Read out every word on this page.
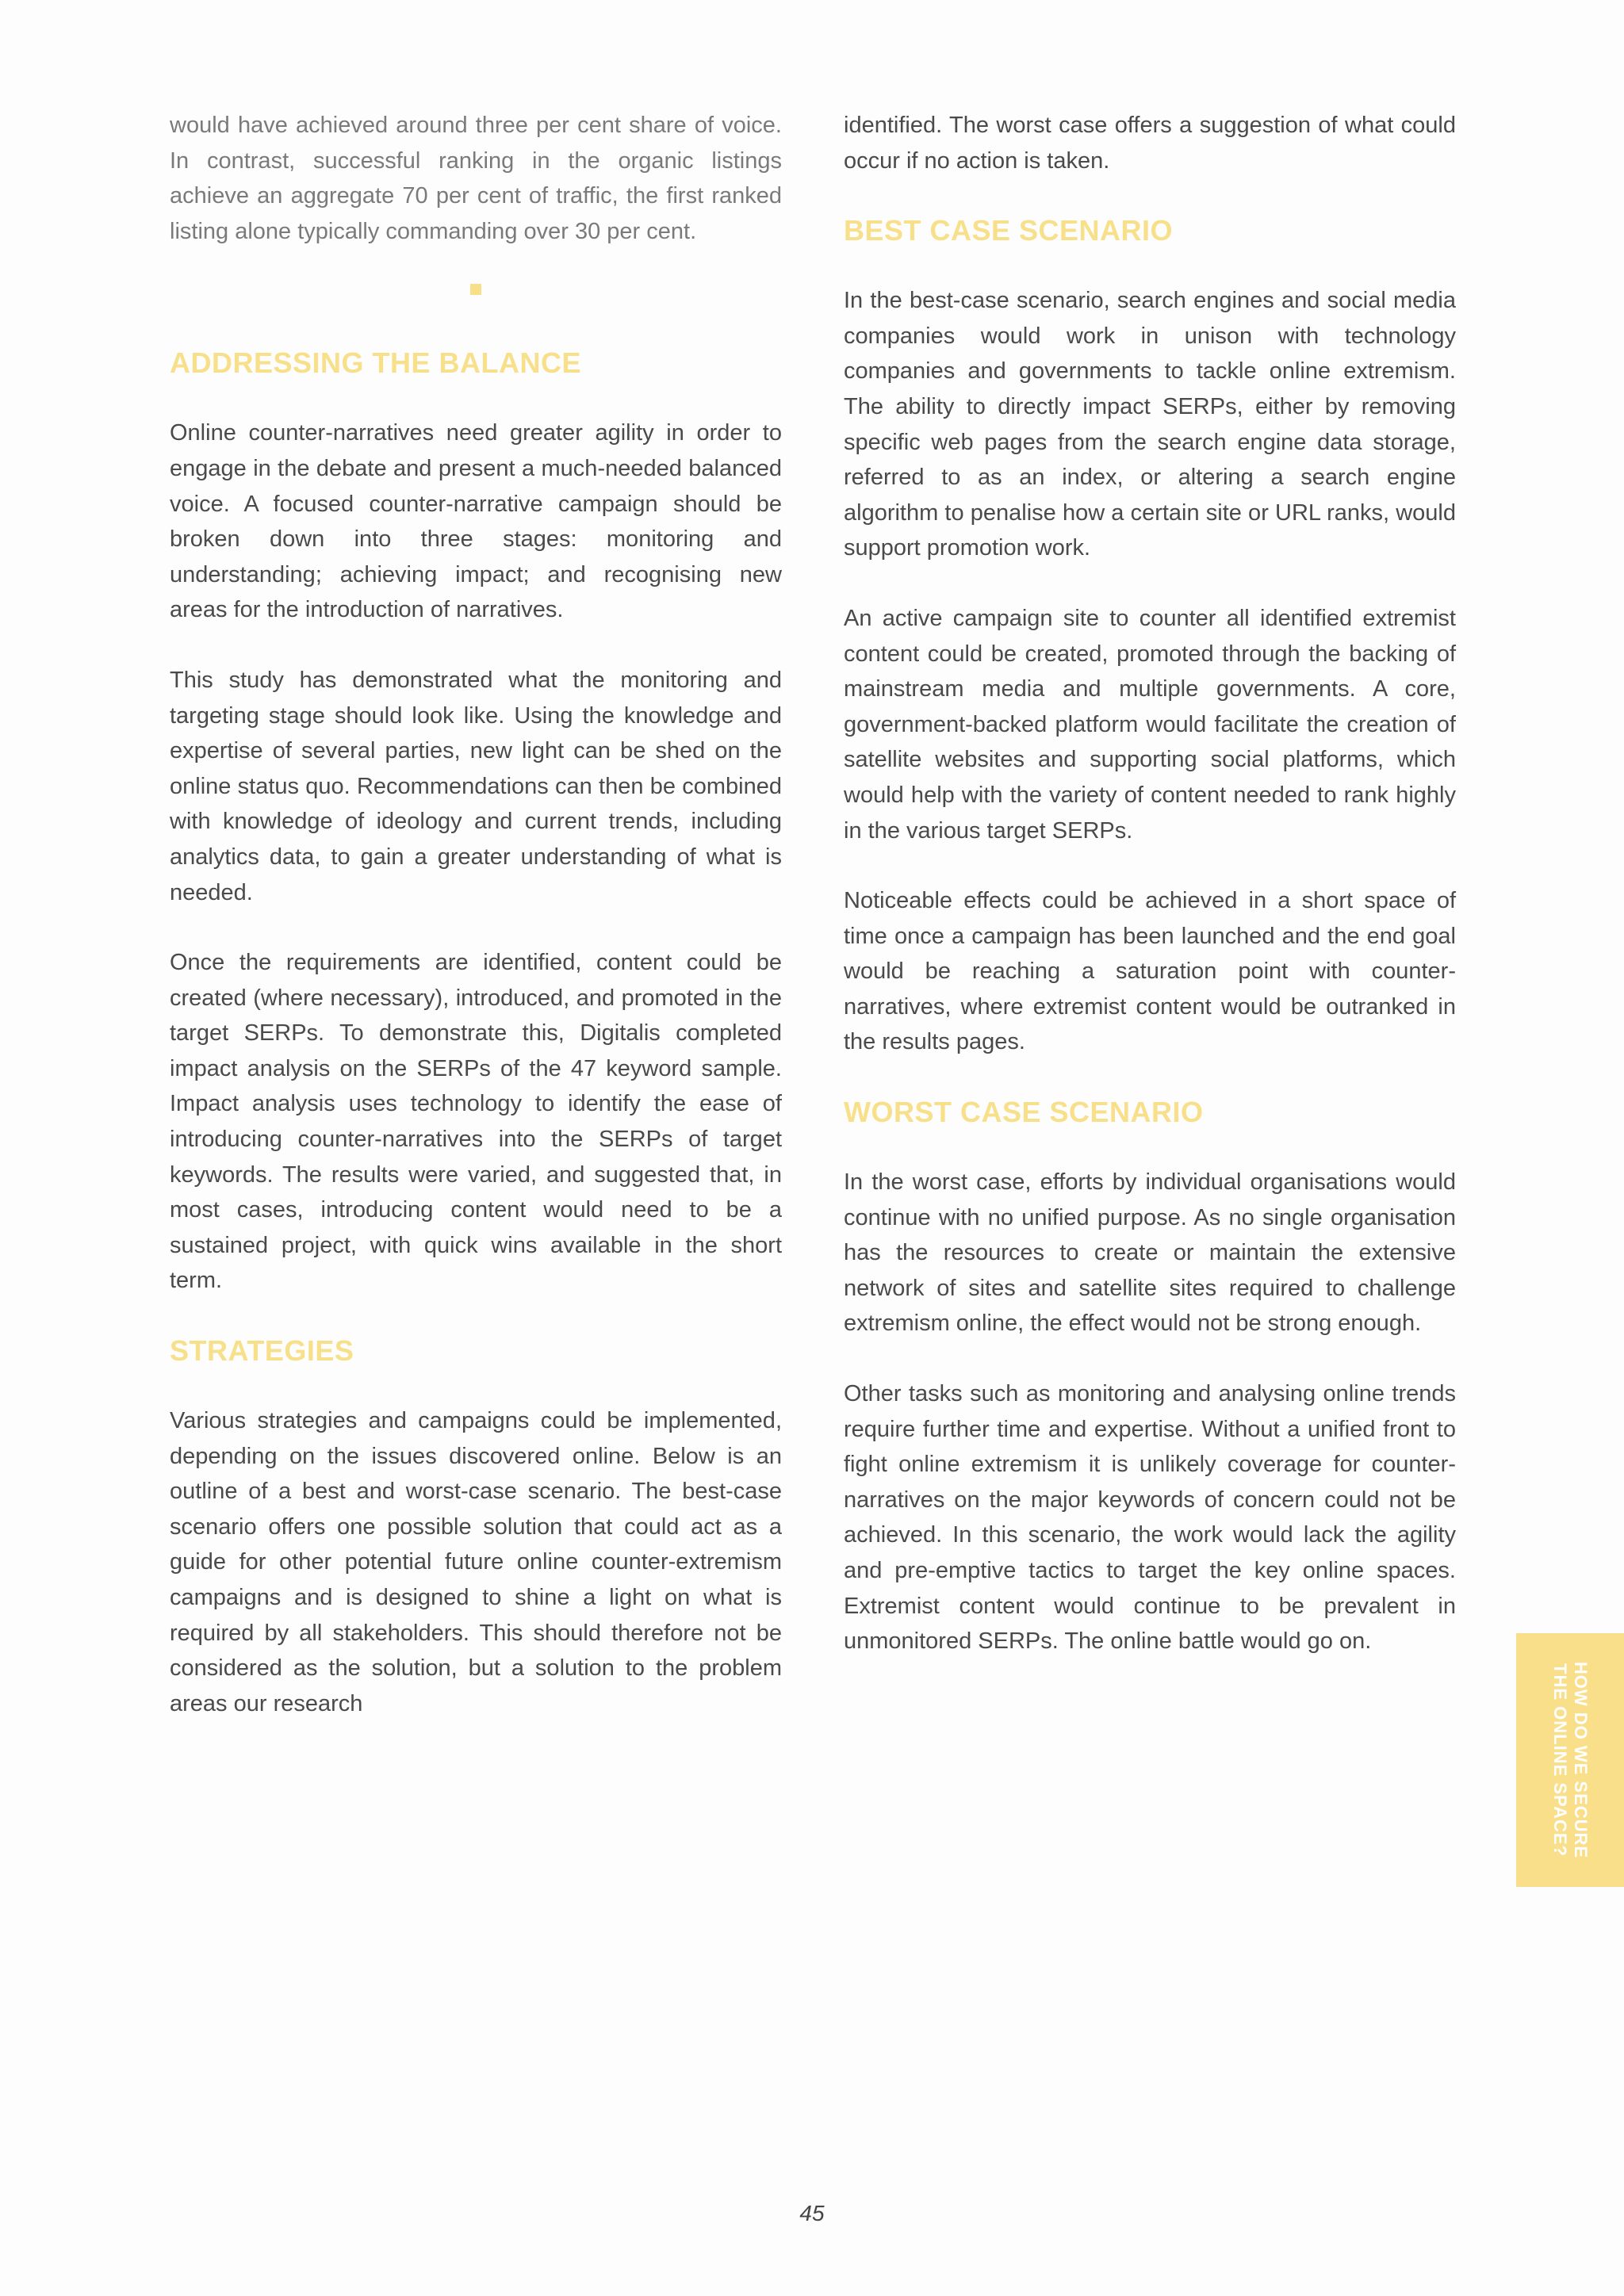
would have achieved around three per cent share of voice. In contrast, successful ranking in the organic listings achieve an aggregate 70 per cent of traffic, the first ranked listing alone typically commanding over 30 per cent.

ADDRESSING THE BALANCE

Online counter-narratives need greater agility in order to engage in the debate and present a much-needed balanced voice. A focused counter-narrative campaign should be broken down into three stages: monitoring and understanding; achieving impact; and recognising new areas for the introduction of narratives.

This study has demonstrated what the monitoring and targeting stage should look like. Using the knowledge and expertise of several parties, new light can be shed on the online status quo. Recommendations can then be combined with knowledge of ideology and current trends, including analytics data, to gain a greater understanding of what is needed.

Once the requirements are identified, content could be created (where necessary), introduced, and promoted in the target SERPs. To demonstrate this, Digitalis completed impact analysis on the SERPs of the 47 keyword sample. Impact analysis uses technology to identify the ease of introducing counter-narratives into the SERPs of target keywords. The results were varied, and suggested that, in most cases, introducing content would need to be a sustained project, with quick wins available in the short term.

STRATEGIES

Various strategies and campaigns could be implemented, depending on the issues discovered online. Below is an outline of a best and worst-case scenario. The best-case scenario offers one possible solution that could act as a guide for other potential future online counter-extremism campaigns and is designed to shine a light on what is required by all stakeholders. This should therefore not be considered as the solution, but a solution to the problem areas our research

identified. The worst case offers a suggestion of what could occur if no action is taken.

BEST CASE SCENARIO

In the best-case scenario, search engines and social media companies would work in unison with technology companies and governments to tackle online extremism. The ability to directly impact SERPs, either by removing specific web pages from the search engine data storage, referred to as an index, or altering a search engine algorithm to penalise how a certain site or URL ranks, would support promotion work.

An active campaign site to counter all identified extremist content could be created, promoted through the backing of mainstream media and multiple governments. A core, government-backed platform would facilitate the creation of satellite websites and supporting social platforms, which would help with the variety of content needed to rank highly in the various target SERPs.

Noticeable effects could be achieved in a short space of time once a campaign has been launched and the end goal would be reaching a saturation point with counter-narratives, where extremist content would be outranked in the results pages.

WORST CASE SCENARIO

In the worst case, efforts by individual organisations would continue with no unified purpose. As no single organisation has the resources to create or maintain the extensive network of sites and satellite sites required to challenge extremism online, the effect would not be strong enough.

Other tasks such as monitoring and analysing online trends require further time and expertise. Without a unified front to fight online extremism it is unlikely coverage for counter-narratives on the major keywords of concern could not be achieved. In this scenario, the work would lack the agility and pre-emptive tactics to target the key online spaces. Extremist content would continue to be prevalent in unmonitored SERPs. The online battle would go on.

HOW DO WE SECURE
THE ONLINE SPACE?
45
